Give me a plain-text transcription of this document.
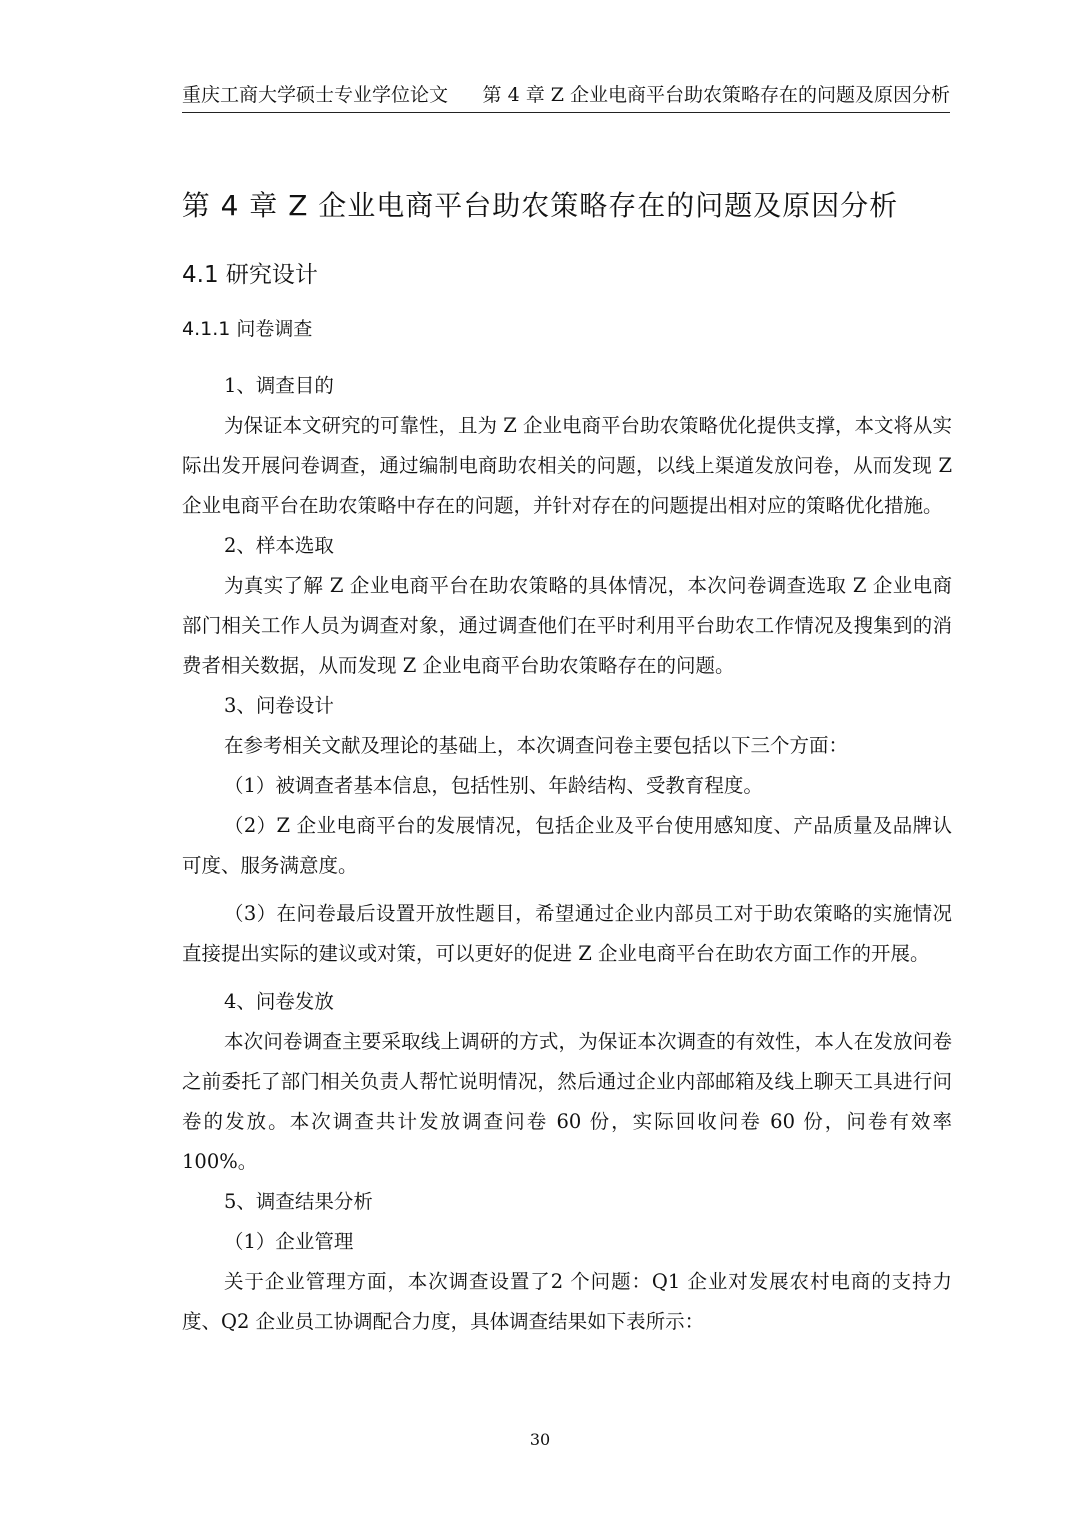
重庆工商大学硕士专业学位论文 第 4 章 Z 企业电商平台助农策略存在的问题及原因分析
第 4 章 Z 企业电商平台助农策略存在的问题及原因分析
4.1 研究设计
4.1.1 问卷调查

1、调查目的

为保证本文研究的可靠性，且为 Z 企业电商平台助农策略优化提供支撑，本文将从实际出发开展问卷调查，通过编制电商助农相关的问题，以线上渠道发放问卷，从而发现 Z 企业电商平台在助农策略中存在的问题，并针对存在的问题提出相对应的策略优化措施。

2、样本选取

为真实了解 Z 企业电商平台在助农策略的具体情况，本次问卷调查选取 Z 企业电商部门相关工作人员为调查对象，通过调查他们在平时利用平台助农工作情况及搜集到的消费者相关数据，从而发现 Z 企业电商平台助农策略存在的问题。

3、问卷设计

在参考相关文献及理论的基础上，本次调查问卷主要包括以下三个方面：

（1）被调查者基本信息，包括性别、年龄结构、受教育程度。

（2）Z 企业电商平台的发展情况，包括企业及平台使用感知度、产品质量及品牌认可度、服务满意度。

（3）在问卷最后设置开放性题目，希望通过企业内部员工对于助农策略的实施情况直接提出实际的建议或对策，可以更好的促进 Z 企业电商平台在助农方面工作的开展。

4、问卷发放

本次问卷调查主要采取线上调研的方式，为保证本次调查的有效性，本人在发放问卷之前委托了部门相关负责人帮忙说明情况，然后通过企业内部邮箱及线上聊天工具进行问卷的发放。本次调查共计发放调查问卷 60 份，实际回收问卷 60 份，问卷有效率 100%。

5、调查结果分析

（1）企业管理

关于企业管理方面，本次调查设置了2 个问题：Q1 企业对发展农村电商的支持力度、Q2 企业员工协调配合力度，具体调查结果如下表所示：

30
